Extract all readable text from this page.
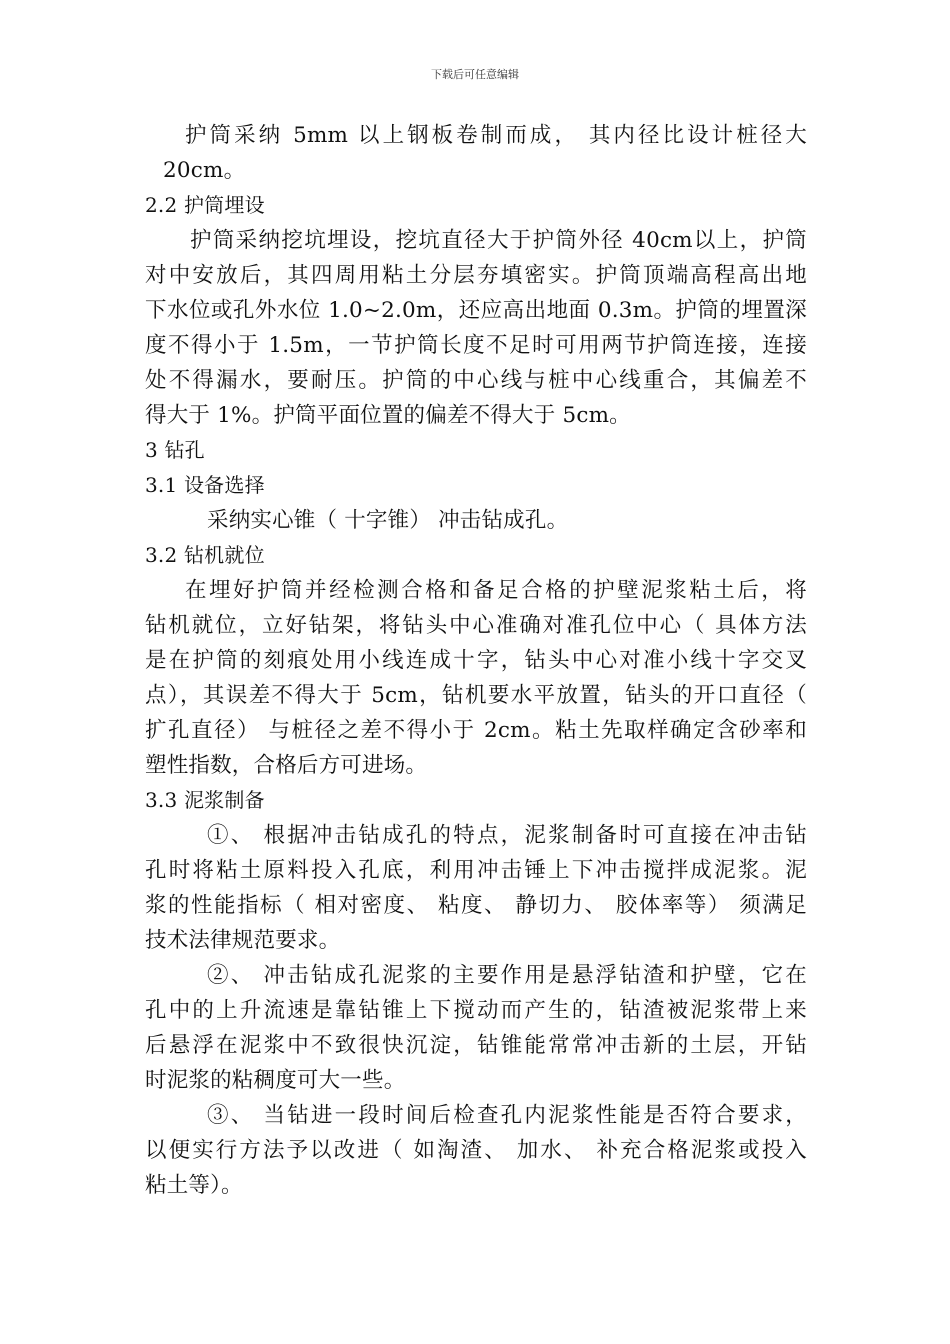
下载后可任意编辑
护筒采纳 5mm 以上钢板卷制而成， 其内径比设计桩径大
20cm。
2.2 护筒埋设
护筒采纳挖坑埋设，挖坑直径大于护筒外径 40cm以上，护筒
对中安放后，其四周用粘土分层夯填密实。护筒顶端高程高出地
下水位或孔外水位 1.0~2.0m，还应高出地面 0.3m。护筒的埋置深
度不得小于 1.5m，一节护筒长度不足时可用两节护筒连接，连接
处不得漏水，要耐压。护筒的中心线与桩中心线重合，其偏差不
得大于 1%。护筒平面位置的偏差不得大于 5cm。
3 钻孔
3.1 设备选择
采纳实心锥（ 十字锥） 冲击钻成孔。
3.2 钻机就位
在埋好护筒并经检测合格和备足合格的护壁泥浆粘土后，将
钻机就位，立好钻架，将钻头中心准确对准孔位中心（ 具体方法
是在护筒的刻痕处用小线连成十字，钻头中心对准小线十字交叉
点），其误差不得大于 5cm，钻机要水平放置，钻头的开口直径（
扩孔直径） 与桩径之差不得小于 2cm。粘土先取样确定含砂率和
塑性指数，合格后方可进场。
3.3 泥浆制备
①、 根据冲击钻成孔的特点，泥浆制备时可直接在冲击钻
孔时将粘土原料投入孔底，利用冲击锤上下冲击搅拌成泥浆。泥
浆的性能指标（ 相对密度、 粘度、 静切力、 胶体率等） 须满足
技术法律规范要求。
②、 冲击钻成孔泥浆的主要作用是悬浮钻渣和护壁，它在
孔中的上升流速是靠钻锥上下搅动而产生的，钻渣被泥浆带上来
后悬浮在泥浆中不致很快沉淀，钻锥能常常冲击新的土层，开钻
时泥浆的粘稠度可大一些。
③、 当钻进一段时间后检查孔内泥浆性能是否符合要求，
以便实行方法予以改进（ 如淘渣、 加水、 补充合格泥浆或投入
粘土等）。
